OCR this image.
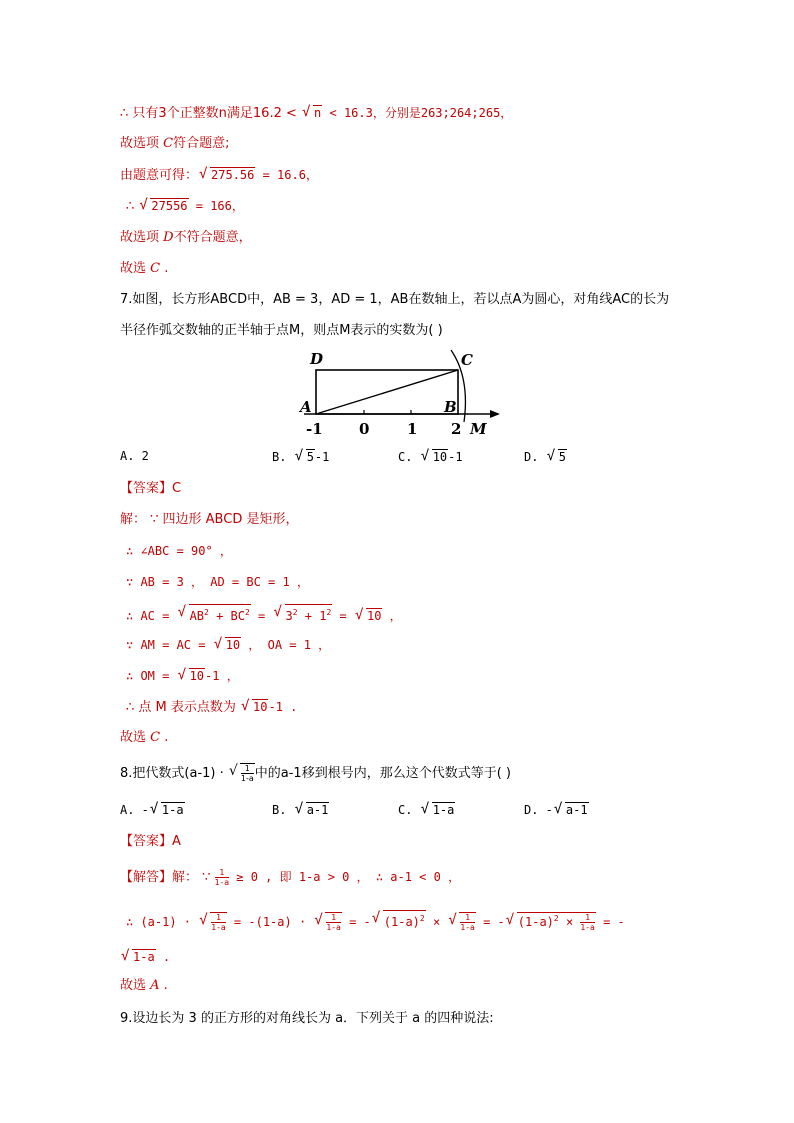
∴ 只有3个正整数n满足16.2 < √ n < 16.3，分别是263;264;265，
故选项 C符合题意;
由题意可得： √ 275.56 = 16.6，
∴ √ 27556 = 166，
故选项 D不符合题意，
故选 C .
7.如图，长方形ABCD中，AB = 3，AD = 1，AB在数轴上，若以点A为圆心，对角线AC的长为
半径作弧交数轴的正半轴于点M，则点M表示的实数为( )
D	C
A	B
M
-1 0	1 2
A. 2	B. √ 5-1	C. √ 10-1	D. √ 5
【答案】C
解： ∵ 四边形 ABCD 是矩形，
∴ ∠ABC = 90° ，
∵ AB = 3 ， AD = BC = 1 ，
∴ AC = √ $AB^2 + BC^2$ = √ $3^2 + 1^2$ = √ 10 ，
∵ AM = AC = √ 10 ， OA = 1 ，
∴ OM = √ 10-1 ，
∴ 点 M 表示点数为 √ 10-1 .
故选 C .
8.把代数式(a-1) · √ $\frac{1}{1-a}$ 中的a-1移到根号内，那么这个代数式等于( )
A. - √ 1-a	B. √ a-1	C. √ 1-a	D. - √ a-1
【答案】A
【解答】解： ∵ $\frac{1}{1-a} \ge 0$ , 即 1-a > 0 ， ∴ a-1 < 0 ，
∴ (a-1) · √ $\frac{1}{1-a} = -(1-a)$ · √ $\frac{1}{1-a}$ = - √ $(1-a)^2$ × √ $\frac{1}{1-a}$ = - √ $(1-a)^2 \times \frac{1}{1-a}$ = -
√ 1-a .
故选 A .
9.设边长为 3 的正方形的对角线长为 a．下列关于 a 的四种说法:
